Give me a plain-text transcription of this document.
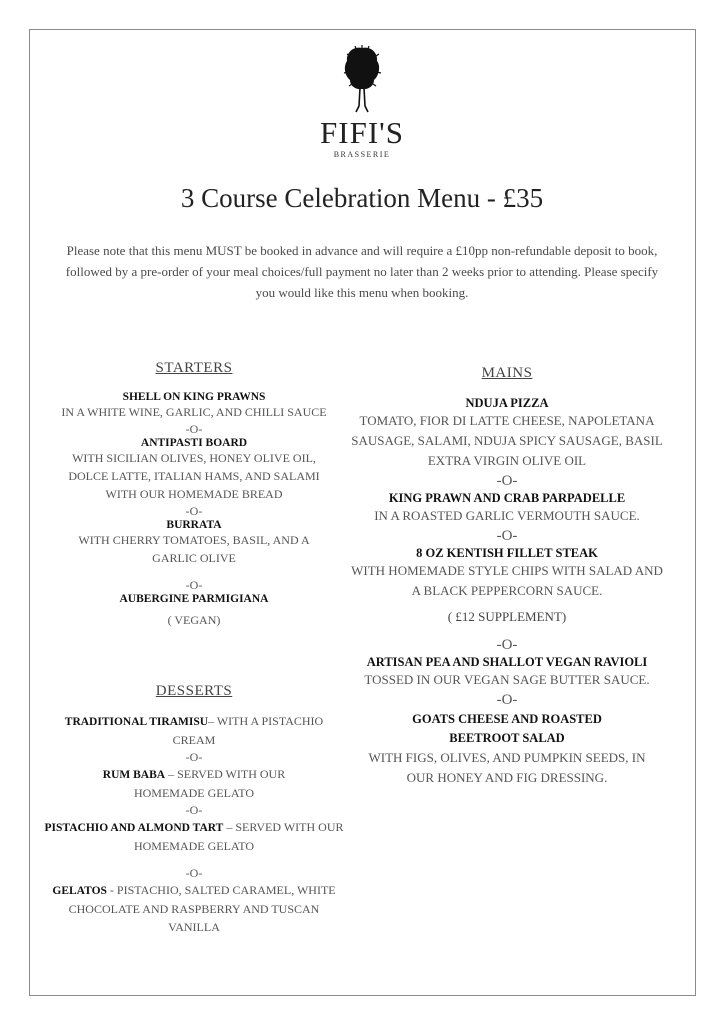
FIFI'S
BRASSERIE
3 Course Celebration Menu - £35
Please note that this menu MUST be booked in advance and will require a £10pp non-refundable deposit to book, followed by a pre-order of your meal choices/full payment no later than 2 weeks prior to attending. Please specify you would like this menu when booking.
STARTERS
SHELL ON KING PRAWNS
IN A WHITE WINE, GARLIC, AND CHILLI SAUCE
-O-
ANTIPASTI BOARD
WITH SICILIAN OLIVES, HONEY OLIVE OIL, DOLCE LATTE, ITALIAN HAMS, AND SALAMI WITH OUR HOMEMADE BREAD
-O-
BURRATA
WITH CHERRY TOMATOES, BASIL, AND A GARLIC OLIVE
-O-
AUBERGINE PARMIGIANA
( VEGAN)
DESSERTS
TRADITIONAL TIRAMISU– WITH A PISTACHIO CREAM
-O-
RUM BABA – SERVED WITH OUR HOMEMADE GELATO
-O-
PISTACHIO AND ALMOND TART – SERVED WITH OUR HOMEMADE GELATO
-O-
GELATOS - PISTACHIO, SALTED CARAMEL, WHITE CHOCOLATE AND RASPBERRY AND TUSCAN VANILLA
MAINS
NDUJA PIZZA
TOMATO, FIOR DI LATTE CHEESE, NAPOLETANA SAUSAGE, SALAMI, NDUJA SPICY SAUSAGE, BASIL EXTRA VIRGIN OLIVE OIL
-O-
KING PRAWN AND CRAB PARPADELLE
IN A ROASTED GARLIC VERMOUTH SAUCE.
-O-
8 OZ KENTISH FILLET STEAK
WITH HOMEMADE STYLE CHIPS WITH SALAD AND A BLACK PEPPERCORN SAUCE.
( £12 SUPPLEMENT)
-O-
ARTISAN PEA AND SHALLOT VEGAN RAVIOLI
TOSSED IN OUR VEGAN SAGE BUTTER SAUCE.
-O-
GOATS CHEESE AND ROASTED BEETROOT SALAD
WITH FIGS, OLIVES, AND PUMPKIN SEEDS, IN OUR HONEY AND FIG DRESSING.
